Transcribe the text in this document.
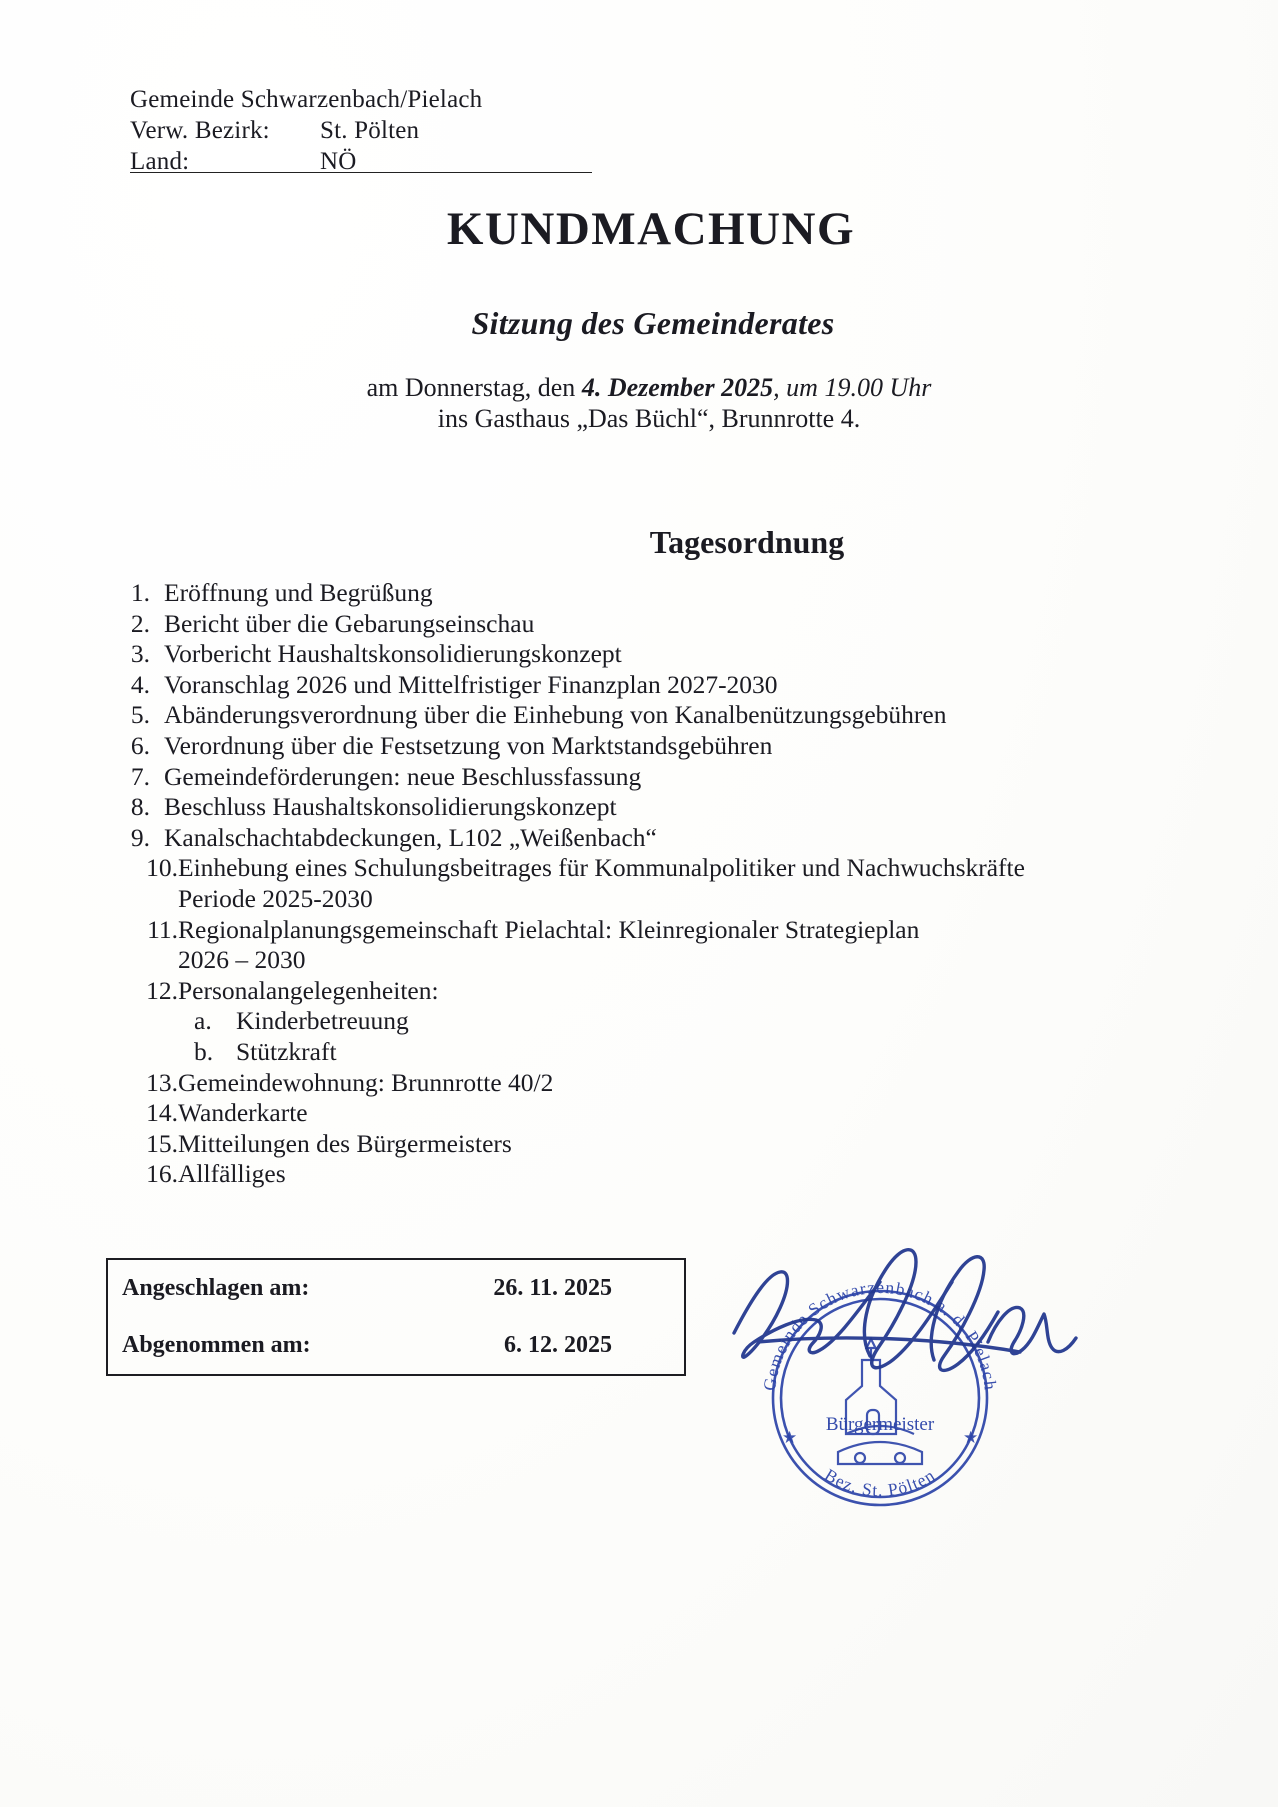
Gemeinde Schwarzenbach/Pielach
Verw. Bezirk: St. Pölten
Land:	NÖ
KUNDMACHUNG
Sitzung des Gemeinderates
am Donnerstag, den 4. Dezember 2025, um 19.00 Uhr
ins Gasthaus „Das Büchl“, Brunnrotte 4.
Tagesordnung
1. Eröffnung und Begrüßung
2. Bericht über die Gebarungseinschau
3. Vorbericht Haushaltskonsolidierungskonzept
4. Voranschlag 2026 und Mittelfristiger Finanzplan 2027-2030
5. Abänderungsverordnung über die Einhebung von Kanalbenützungsgebühren
6. Verordnung über die Festsetzung von Marktstandsgebühren
7. Gemeindeförderungen: neue Beschlussfassung
8. Beschluss Haushaltskonsolidierungskonzept
9. Kanalschachtabdeckungen, L102 „Weißenbach“
10. Einhebung eines Schulungsbeitrages für Kommunalpolitiker und Nachwuchskräfte
Periode 2025-2030
11. Regionalplanungsgemeinschaft Pielachtal: Kleinregionaler Strategieplan
2026 – 2030
12. Personalangelegenheiten:
a. Kinderbetreuung
b. Stützkraft
13. Gemeindewohnung: Brunnrotte 40/2
14. Wanderkarte
15. Mitteilungen des Bürgermeisters
16. Allfälliges
Angeschlagen am:	26. 11. 2025
Abgenommen am:	6. 12. 2025
Gemeinde Schwarzenbach a. d. Pielach
Bez. St. Pölten
★	★
Bürgermeister
